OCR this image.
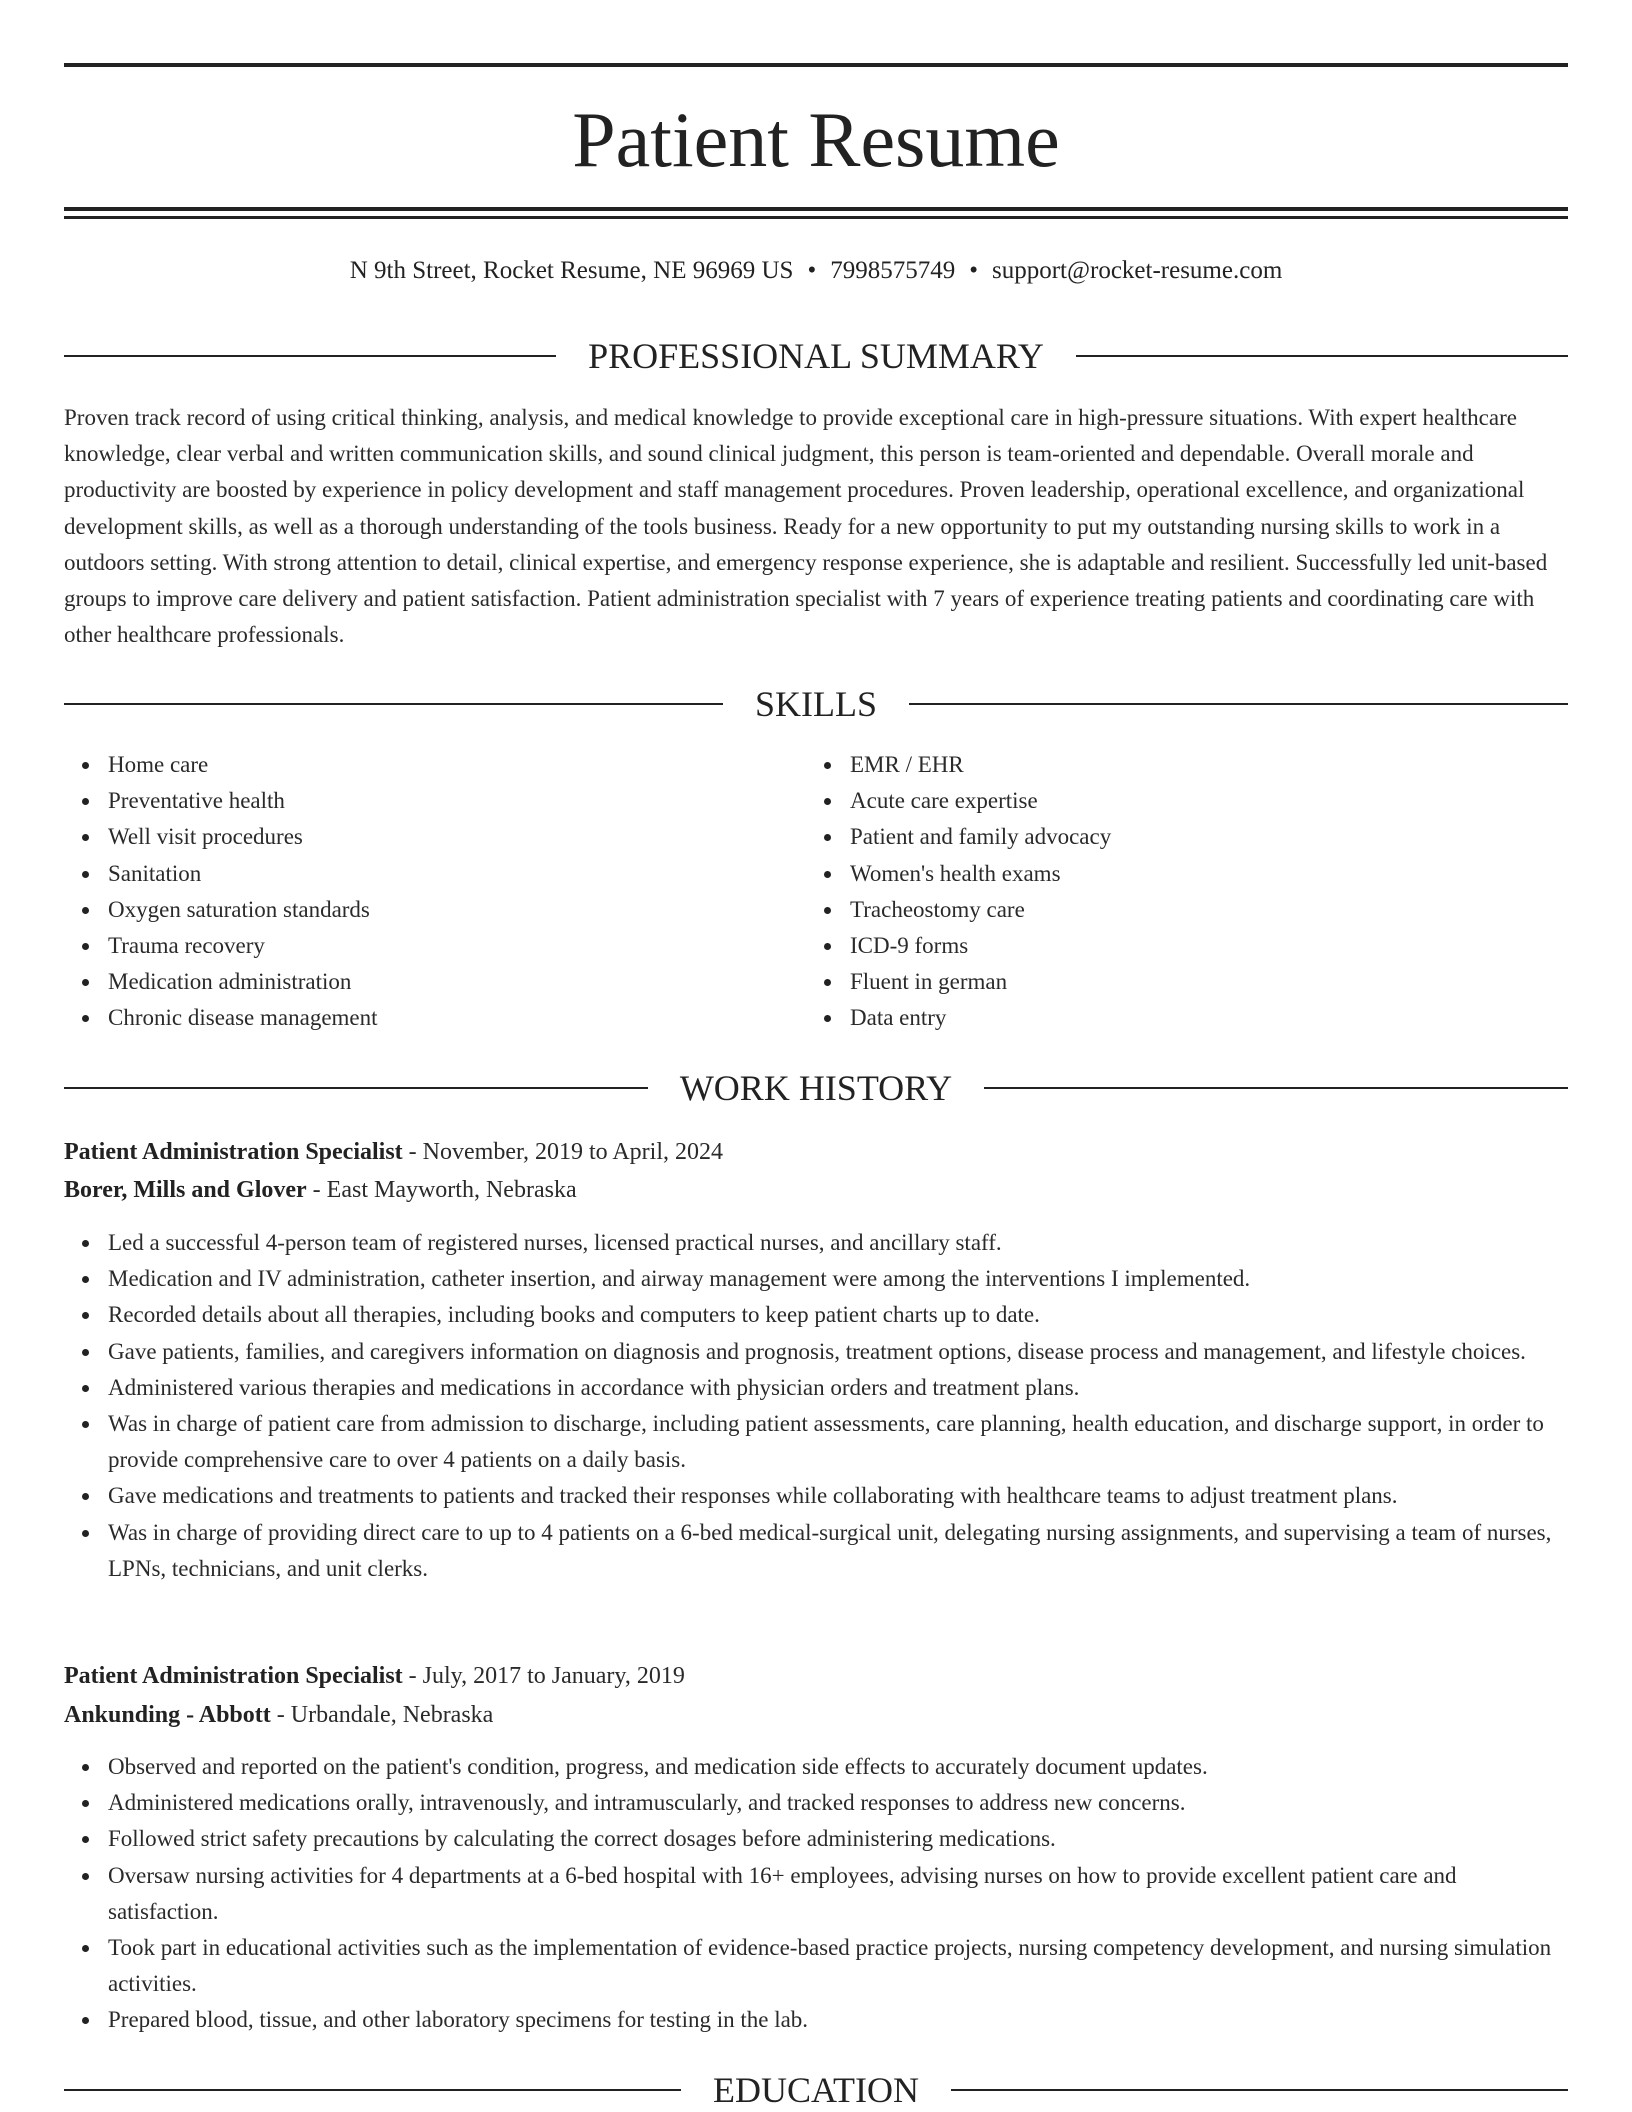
Patient Resume
N 9th Street, Rocket Resume, NE 96969 US • 7998575749 • support@rocket-resume.com
PROFESSIONAL SUMMARY

Proven track record of using critical thinking, analysis, and medical knowledge to provide exceptional care in high-pressure situations. With expert healthcare knowledge, clear verbal and written communication skills, and sound clinical judgment, this person is team-oriented and dependable. Overall morale and productivity are boosted by experience in policy development and staff management procedures. Proven leadership, operational excellence, and organizational development skills, as well as a thorough understanding of the tools business. Ready for a new opportunity to put my outstanding nursing skills to work in a outdoors setting. With strong attention to detail, clinical expertise, and emergency response experience, she is adaptable and resilient. Successfully led unit-based groups to improve care delivery and patient satisfaction. Patient administration specialist with 7 years of experience treating patients and coordinating care with other healthcare professionals.

SKILLS
Home care
Preventative health
Well visit procedures
Sanitation
Oxygen saturation standards
Trauma recovery
Medication administration
Chronic disease management
EMR / EHR
Acute care expertise
Patient and family advocacy
Women's health exams
Tracheostomy care
ICD-9 forms
Fluent in german
Data entry
WORK HISTORY
Patient Administration Specialist - November, 2019 to April, 2024
Borer, Mills and Glover - East Mayworth, Nebraska
Led a successful 4-person team of registered nurses, licensed practical nurses, and ancillary staff.
Medication and IV administration, catheter insertion, and airway management were among the interventions I implemented.
Recorded details about all therapies, including books and computers to keep patient charts up to date.
Gave patients, families, and caregivers information on diagnosis and prognosis, treatment options, disease process and management, and lifestyle choices.
Administered various therapies and medications in accordance with physician orders and treatment plans.
Was in charge of patient care from admission to discharge, including patient assessments, care planning, health education, and discharge support, in order to provide comprehensive care to over 4 patients on a daily basis.
Gave medications and treatments to patients and tracked their responses while collaborating with healthcare teams to adjust treatment plans.
Was in charge of providing direct care to up to 4 patients on a 6-bed medical-surgical unit, delegating nursing assignments, and supervising a team of nurses, LPNs, technicians, and unit clerks.
Patient Administration Specialist - July, 2017 to January, 2019
Ankunding - Abbott - Urbandale, Nebraska
Observed and reported on the patient's condition, progress, and medication side effects to accurately document updates.
Administered medications orally, intravenously, and intramuscularly, and tracked responses to address new concerns.
Followed strict safety precautions by calculating the correct dosages before administering medications.
Oversaw nursing activities for 4 departments at a 6-bed hospital with 16+ employees, advising nurses on how to provide excellent patient care and satisfaction.
Took part in educational activities such as the implementation of evidence-based practice projects, nursing competency development, and nursing simulation activities.
Prepared blood, tissue, and other laboratory specimens for testing in the lab.
EDUCATION
